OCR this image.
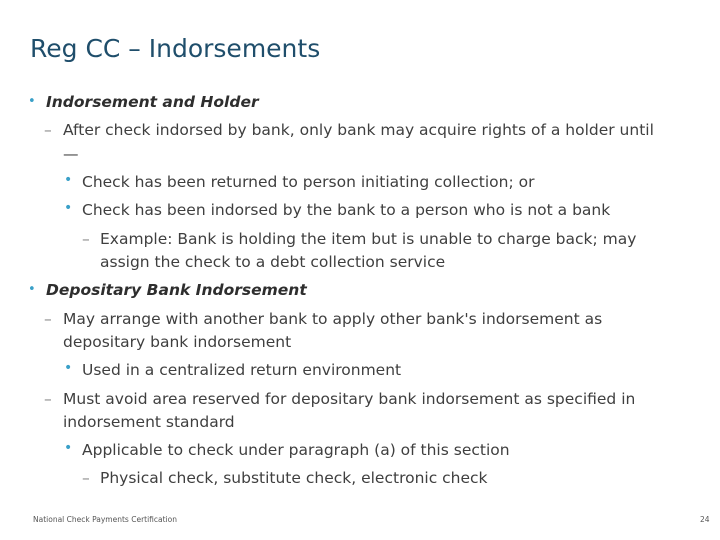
Reg CC – Indorsements
• Indorsement and Holder
– After check indorsed by bank, only bank may acquire rights of a holder until
—
• Check has been returned to person initiating collection; or
• Check has been indorsed by the bank to a person who is not a bank
– Example: Bank is holding the item but is unable to charge back; may
assign the check to a debt collection service
• Depositary Bank Indorsement
– May arrange with another bank to apply other bank's indorsement as
depositary bank indorsement
• Used in a centralized return environment
– Must avoid area reserved for depositary bank indorsement as specified in
indorsement standard
• Applicable to check under paragraph (a) of this section
– Physical check, substitute check, electronic check
National Check Payments Certification	24
